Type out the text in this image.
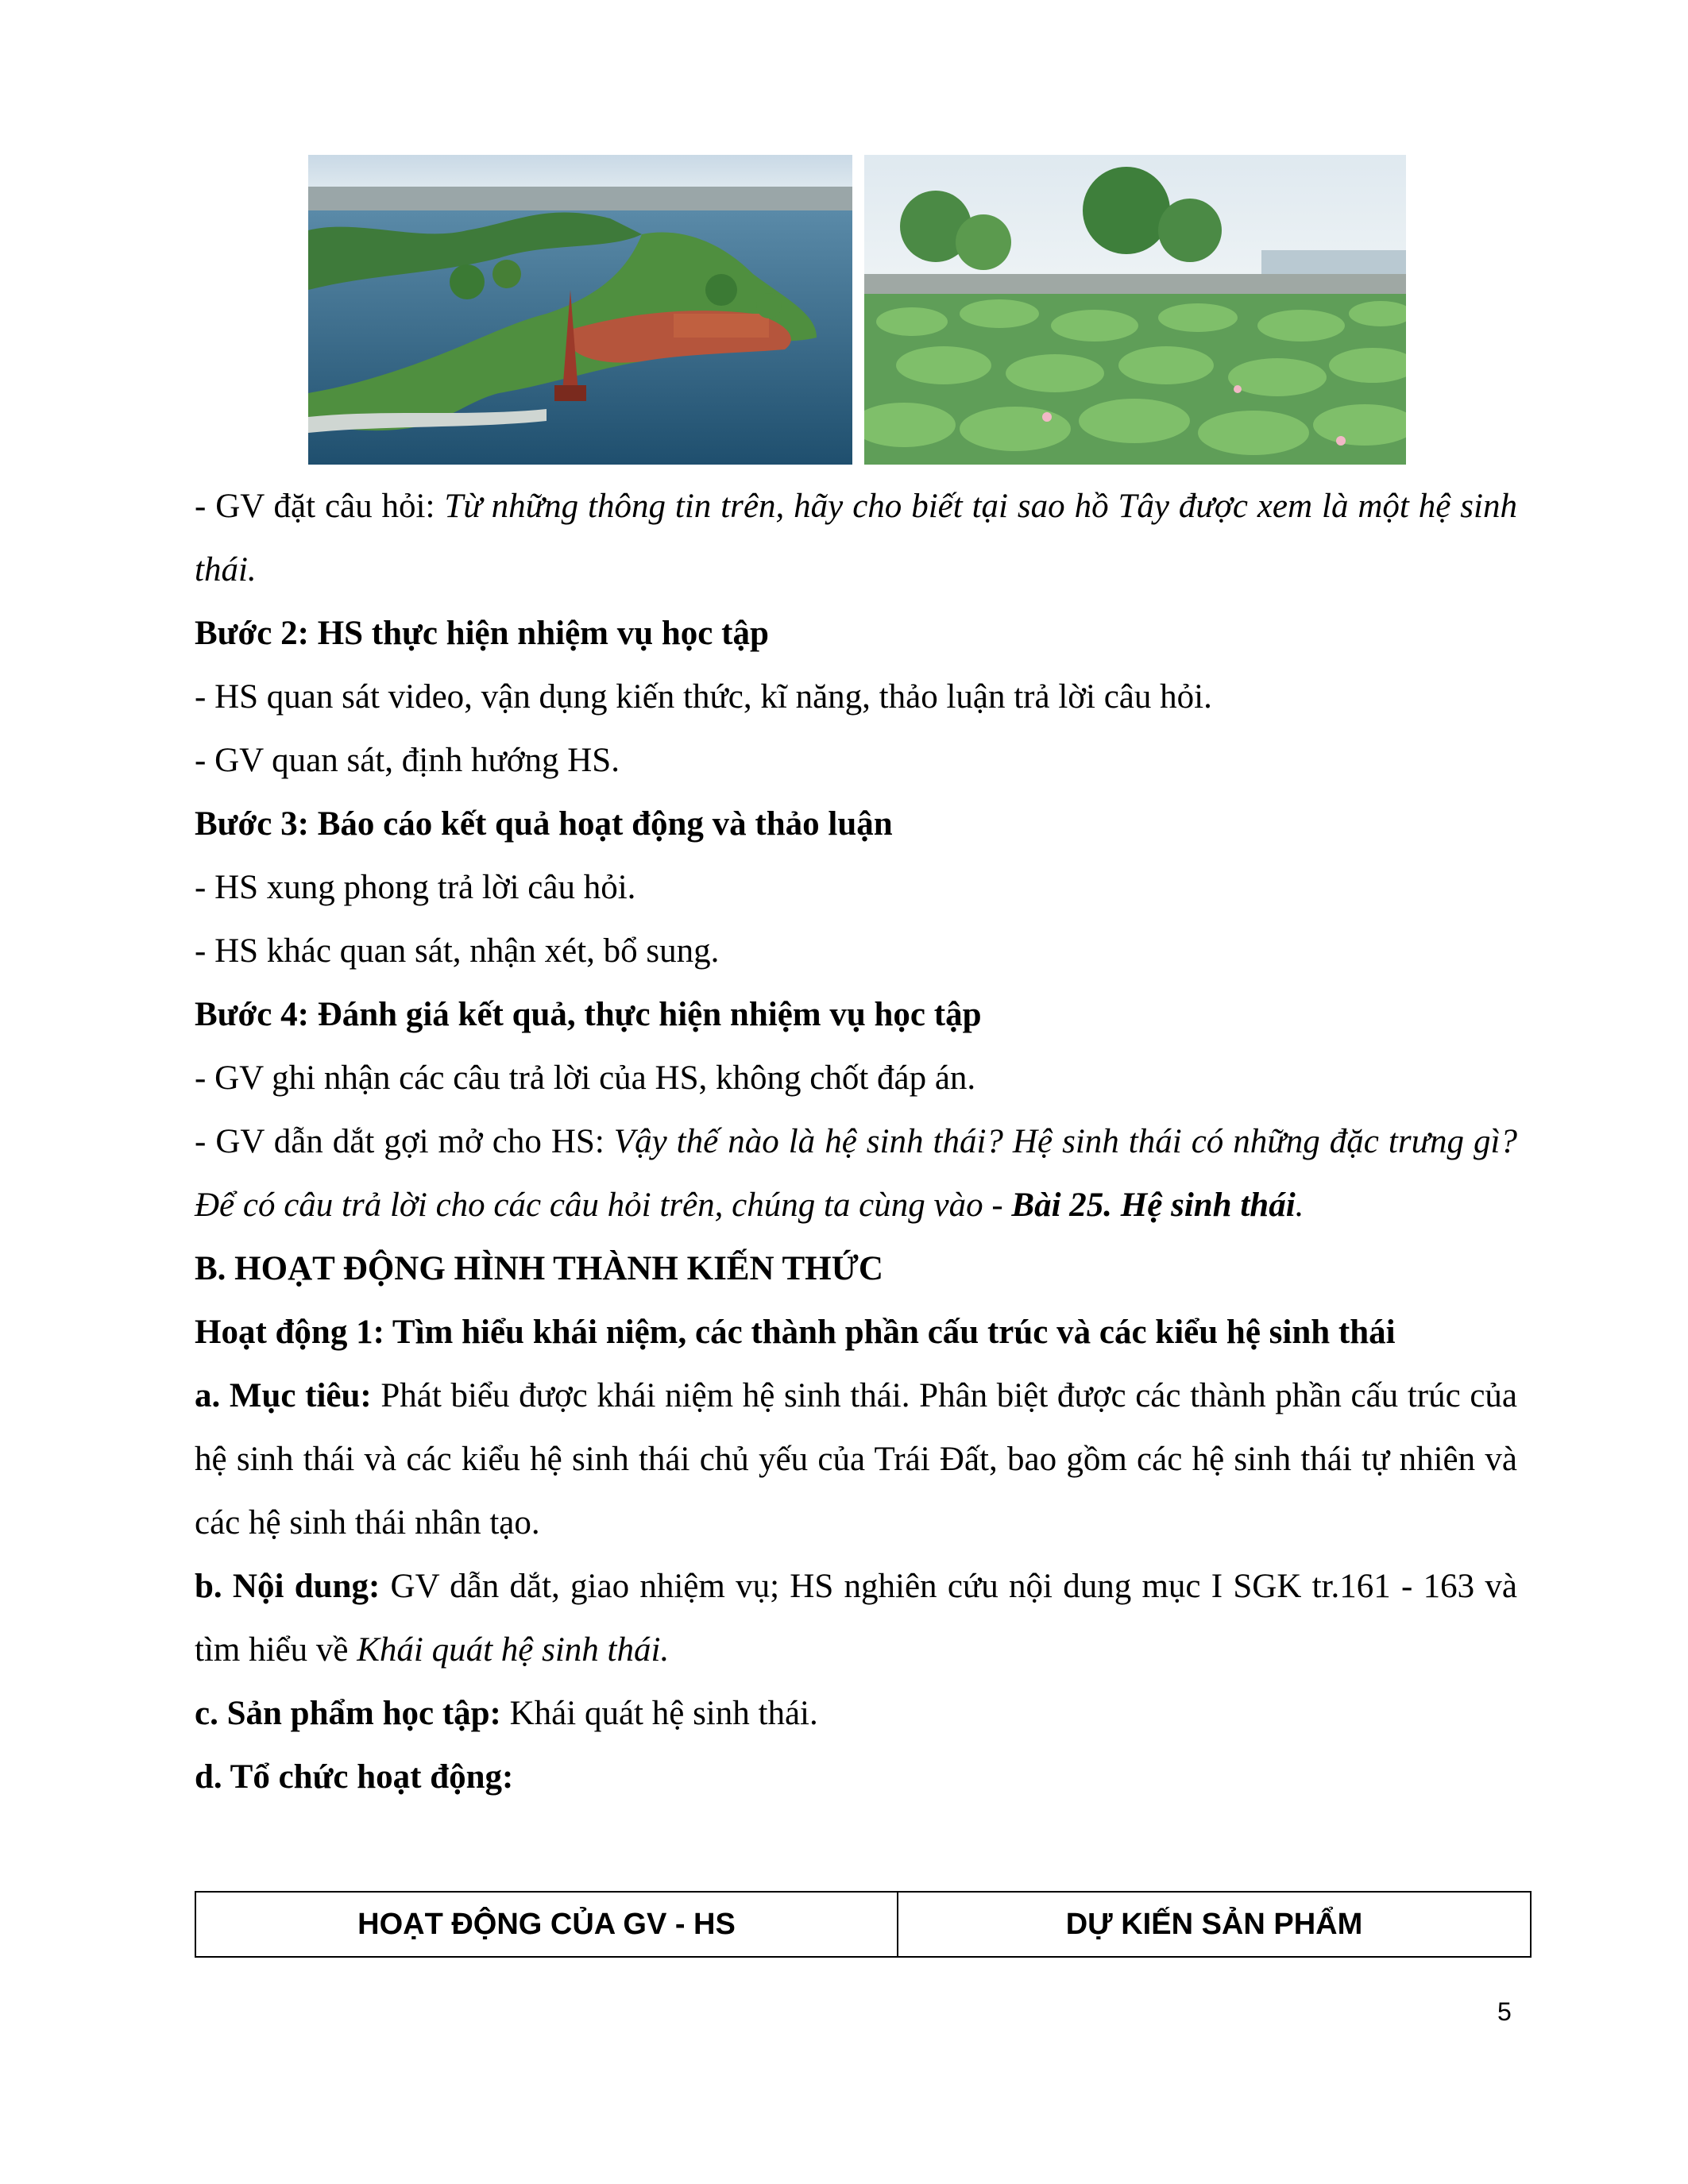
- GV đặt câu hỏi: Từ những thông tin trên, hãy cho biết tại sao hồ Tây được xem là một hệ sinh thái.

Bước 2: HS thực hiện nhiệm vụ học tập

- HS quan sát video, vận dụng kiến thức, kĩ năng, thảo luận trả lời câu hỏi.

- GV quan sát, định hướng HS.

Bước 3: Báo cáo kết quả hoạt động và thảo luận

- HS xung phong trả lời câu hỏi.

- HS khác quan sát, nhận xét, bổ sung.

Bước 4: Đánh giá kết quả, thực hiện nhiệm vụ học tập

- GV ghi nhận các câu trả lời của HS, không chốt đáp án.

- GV dẫn dắt gợi mở cho HS: Vậy thế nào là hệ sinh thái? Hệ sinh thái có những đặc trưng gì? Để có câu trả lời cho các câu hỏi trên, chúng ta cùng vào - Bài 25. Hệ sinh thái.

B. HOẠT ĐỘNG HÌNH THÀNH KIẾN THỨC

Hoạt động 1: Tìm hiểu khái niệm, các thành phần cấu trúc và các kiểu hệ sinh thái

a. Mục tiêu: Phát biểu được khái niệm hệ sinh thái. Phân biệt được các thành phần cấu trúc của hệ sinh thái và các kiểu hệ sinh thái chủ yếu của Trái Đất, bao gồm các hệ sinh thái tự nhiên và các hệ sinh thái nhân tạo.

b. Nội dung: GV dẫn dắt, giao nhiệm vụ; HS nghiên cứu nội dung mục I SGK tr.161 - 163 và tìm hiểu về Khái quát hệ sinh thái.

c. Sản phẩm học tập: Khái quát hệ sinh thái.

d. Tổ chức hoạt động:

HOẠT ĐỘNG CỦA GV - HS	DỰ KIẾN SẢN PHẨM
5
